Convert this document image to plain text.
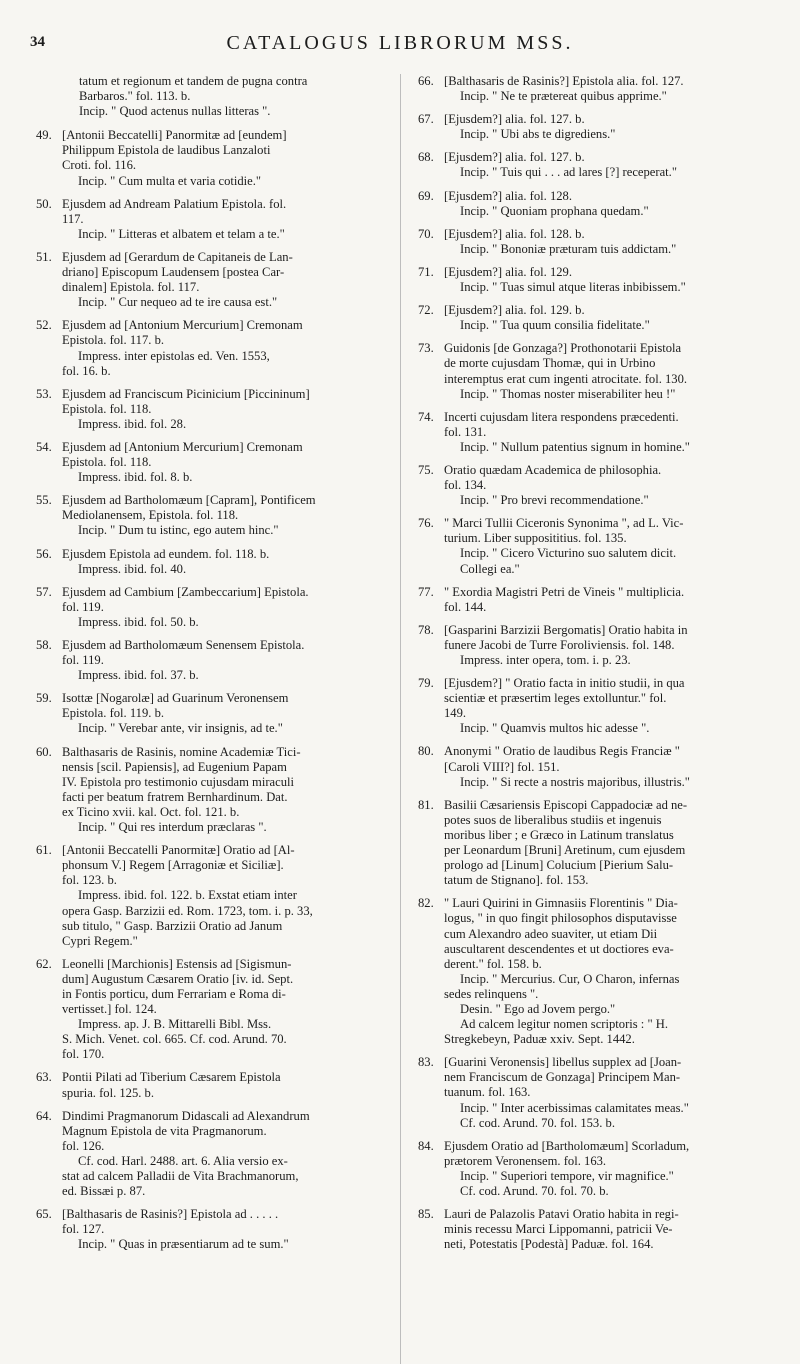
34	CATALOGUS LIBRORUM MSS.
tatum et regionum et tandem de pugna contra
Barbaros." fol. 113. b.
Incip. " Quod actenus nullas litteras ".
49. [Antonii Beccatelli] Panormitæ ad [eundem]
Philippum Epistola de laudibus Lanzaloti
Croti. fol. 116.
Incip. " Cum multa et varia cotidie."
50. Ejusdem ad Andream Palatium Epistola. fol.
117.
Incip. " Litteras et albatem et telam a te."
51. Ejusdem ad [Gerardum de Capitaneis de Lan-
driano] Episcopum Laudensem [postea Car-
dinalem] Epistola. fol. 117.
Incip. " Cur nequeo ad te ire causa est."
52. Ejusdem ad [Antonium Mercurium] Cremonam
Epistola. fol. 117. b.
Impress. inter epistolas ed. Ven. 1553,
fol. 16. b.
53. Ejusdem ad Franciscum Picinicium [Piccininum]
Epistola. fol. 118.
Impress. ibid. fol. 28.
54. Ejusdem ad [Antonium Mercurium] Cremonam
Epistola. fol. 118.
Impress. ibid. fol. 8. b.
55. Ejusdem ad Bartholomæum [Capram], Pontificem
Mediolanensem, Epistola. fol. 118.
Incip. " Dum tu istinc, ego autem hinc."
56. Ejusdem Epistola ad eundem. fol. 118. b.
Impress. ibid. fol. 40.
57. Ejusdem ad Cambium [Zambeccarium] Epistola.
fol. 119.
Impress. ibid. fol. 50. b.
58. Ejusdem ad Bartholomæum Senensem Epistola.
fol. 119.
Impress. ibid. fol. 37. b.
59. Isottæ [Nogarolæ] ad Guarinum Veronensem
Epistola. fol. 119. b.
Incip. " Verebar ante, vir insignis, ad te."
60. Balthasaris de Rasinis, nomine Academiæ Tici-
nensis [scil. Papiensis], ad Eugenium Papam
IV. Epistola pro testimonio cujusdam miraculi
facti per beatum fratrem Bernhardinum. Dat.
ex Ticino xvii. kal. Oct. fol. 121. b.
Incip. " Qui res interdum præclaras ".
61. [Antonii Beccatelli Panormitæ] Oratio ad [Al-
phonsum V.] Regem [Arragoniæ et Siciliæ].
fol. 123. b.
Impress. ibid. fol. 122. b. Exstat etiam inter
opera Gasp. Barzizii ed. Rom. 1723, tom. i. p. 33,
sub titulo, " Gasp. Barzizii Oratio ad Janum
Cypri Regem."
62. Leonelli [Marchionis] Estensis ad [Sigismun-
dum] Augustum Cæsarem Oratio [iv. id. Sept.
in Fontis porticu, dum Ferrariam e Roma di-
vertisset.] fol. 124.
Impress. ap. J. B. Mittarelli Bibl. Mss.
S. Mich. Venet. col. 665. Cf. cod. Arund. 70.
fol. 170.
63. Pontii Pilati ad Tiberium Cæsarem Epistola
spuria. fol. 125. b.
64. Dindimi Pragmanorum Didascali ad Alexandrum
Magnum Epistola de vita Pragmanorum.
fol. 126.
Cf. cod. Harl. 2488. art. 6. Alia versio ex-
stat ad calcem Palladii de Vita Brachmanorum,
ed. Bissæi p. 87.
65. [Balthasaris de Rasinis?] Epistola ad . . . . .
fol. 127.
Incip. " Quas in præsentiarum ad te sum."
66. [Balthasaris de Rasinis?] Epistola alia. fol. 127.
Incip. " Ne te prætereat quibus apprime."
67. [Ejusdem?] alia. fol. 127. b.
Incip. " Ubi abs te digrediens."
68. [Ejusdem?] alia. fol. 127. b.
Incip. " Tuis qui . . . ad lares [?] receperat."
69. [Ejusdem?] alia. fol. 128.
Incip. " Quoniam prophana quedam."
70. [Ejusdem?] alia. fol. 128. b.
Incip. " Bononiæ præturam tuis addictam."
71. [Ejusdem?] alia. fol. 129.
Incip. " Tuas simul atque literas inbibissem."
72. [Ejusdem?] alia. fol. 129. b.
Incip. " Tua quum consilia fidelitate."
73. Guidonis [de Gonzaga?] Prothonotarii Epistola
de morte cujusdam Thomæ, qui in Urbino
interemptus erat cum ingenti atrocitate. fol. 130.
Incip. " Thomas noster miserabiliter heu !"
74. Incerti cujusdam litera respondens præcedenti.
fol. 131.
Incip. " Nullum patentius signum in homine."
75. Oratio quædam Academica de philosophia.
fol. 134.
Incip. " Pro brevi recommendatione."
76. " Marci Tullii Ciceronis Synonima ", ad L. Vic-
turium. Liber supposititius. fol. 135.
Incip. " Cicero Victurino suo salutem dicit.
Collegi ea."
77. " Exordia Magistri Petri de Vineis " multiplicia.
fol. 144.
78. [Gasparini Barzizii Bergomatis] Oratio habita in
funere Jacobi de Turre Foroliviensis. fol. 148.
Impress. inter opera, tom. i. p. 23.
79. [Ejusdem?] " Oratio facta in initio studii, in qua
scientiæ et præsertim leges extolluntur." fol.
149.
Incip. " Quamvis multos hic adesse ".
80. Anonymi " Oratio de laudibus Regis Franciæ "
[Caroli VIII?] fol. 151.
Incip. " Si recte a nostris majoribus, illustris."
81. Basilii Cæsariensis Episcopi Cappadociæ ad ne-
potes suos de liberalibus studiis et ingenuis
moribus liber ; e Græco in Latinum translatus
per Leonardum [Bruni] Aretinum, cum ejusdem
prologo ad [Linum] Colucium [Pierium Salu-
tatum de Stignano]. fol. 153.
82. " Lauri Quirini in Gimnasiis Florentinis " Dia-
logus, " in quo fingit philosophos disputavisse
cum Alexandro adeo suaviter, ut etiam Dii
auscultarent descendentes et ut doctiores eva-
derent." fol. 158. b.
Incip. " Mercurius. Cur, O Charon, infernas
sedes relinquens ".
Desin. " Ego ad Jovem pergo."
Ad calcem legitur nomen scriptoris : " H.
Stregkebeyn, Paduæ xxiv. Sept. 1442.
83. [Guarini Veronensis] libellus supplex ad [Joan-
nem Franciscum de Gonzaga] Principem Man-
tuanum. fol. 163.
Incip. " Inter acerbissimas calamitates meas."
Cf. cod. Arund. 70. fol. 153. b.
84. Ejusdem Oratio ad [Bartholomæum] Scorladum,
prætorem Veronensem. fol. 163.
Incip. " Superiori tempore, vir magnifice."
Cf. cod. Arund. 70. fol. 70. b.
85. Lauri de Palazolis Patavi Oratio habita in regi-
minis recessu Marci Lippomanni, patricii Ve-
neti, Potestatis [Podestà] Paduæ. fol. 164.
